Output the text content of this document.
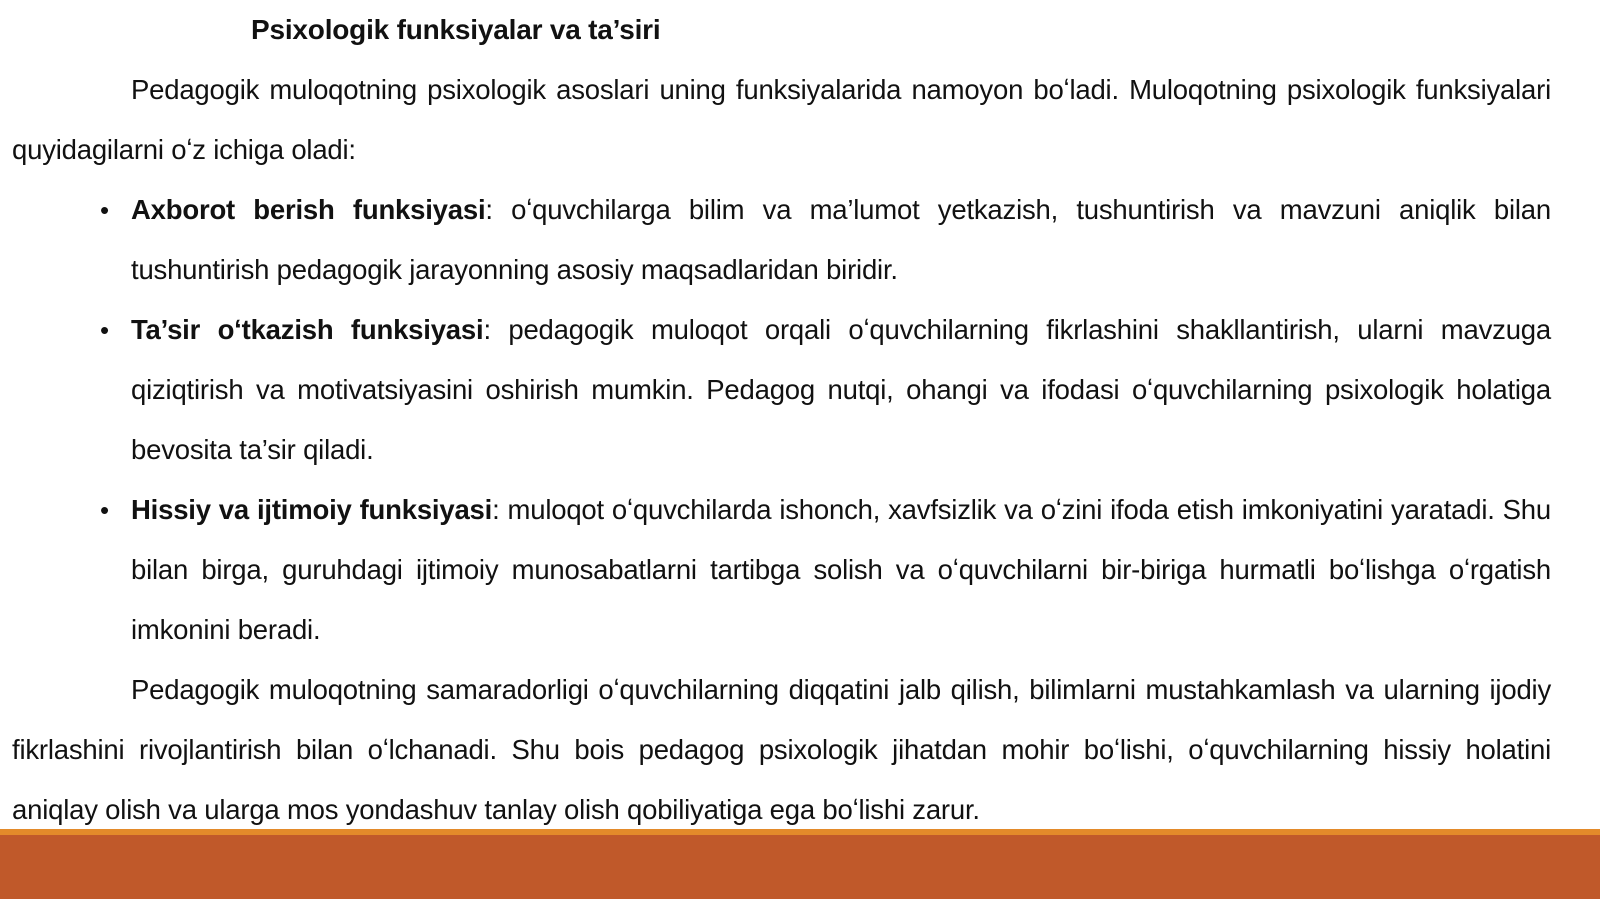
Psixologik funksiyalar va ta’siri

Pedagogik muloqotning psixologik asoslari uning funksiyalarida namoyon boʻladi. Muloqotning psixologik funksiyalari quyidagilarni oʻz ichiga oladi:

• Axborot berish funksiyasi: oʻquvchilarga bilim va ma’lumot yetkazish, tushuntirish va mavzuni aniqlik bilan tushuntirish pedagogik jarayonning asosiy maqsadlaridan biridir.
• Ta’sir oʻtkazish funksiyasi: pedagogik muloqot orqali oʻquvchilarning fikrlashini shakllantirish, ularni mavzuga qiziqtirish va motivatsiyasini oshirish mumkin. Pedagog nutqi, ohangi va ifodasi oʻquvchilarning psixologik holatiga bevosita ta’sir qiladi.
• Hissiy va ijtimoiy funksiyasi: muloqot oʻquvchilarda ishonch, xavfsizlik va oʻzini ifoda etish imkoniyatini yaratadi. Shu bilan birga, guruhdagi ijtimoiy munosabatlarni tartibga solish va oʻquvchilarni bir-biriga hurmatli boʻlishga oʻrgatish imkonini beradi.

Pedagogik muloqotning samaradorligi oʻquvchilarning diqqatini jalb qilish, bilimlarni mustahkamlash va ularning ijodiy fikrlashini rivojlantirish bilan oʻlchanadi. Shu bois pedagog psixologik jihatdan mohir boʻlishi, oʻquvchilarning hissiy holatini aniqlay olish va ularga mos yondashuv tanlay olish qobiliyatiga ega boʻlishi zarur.
